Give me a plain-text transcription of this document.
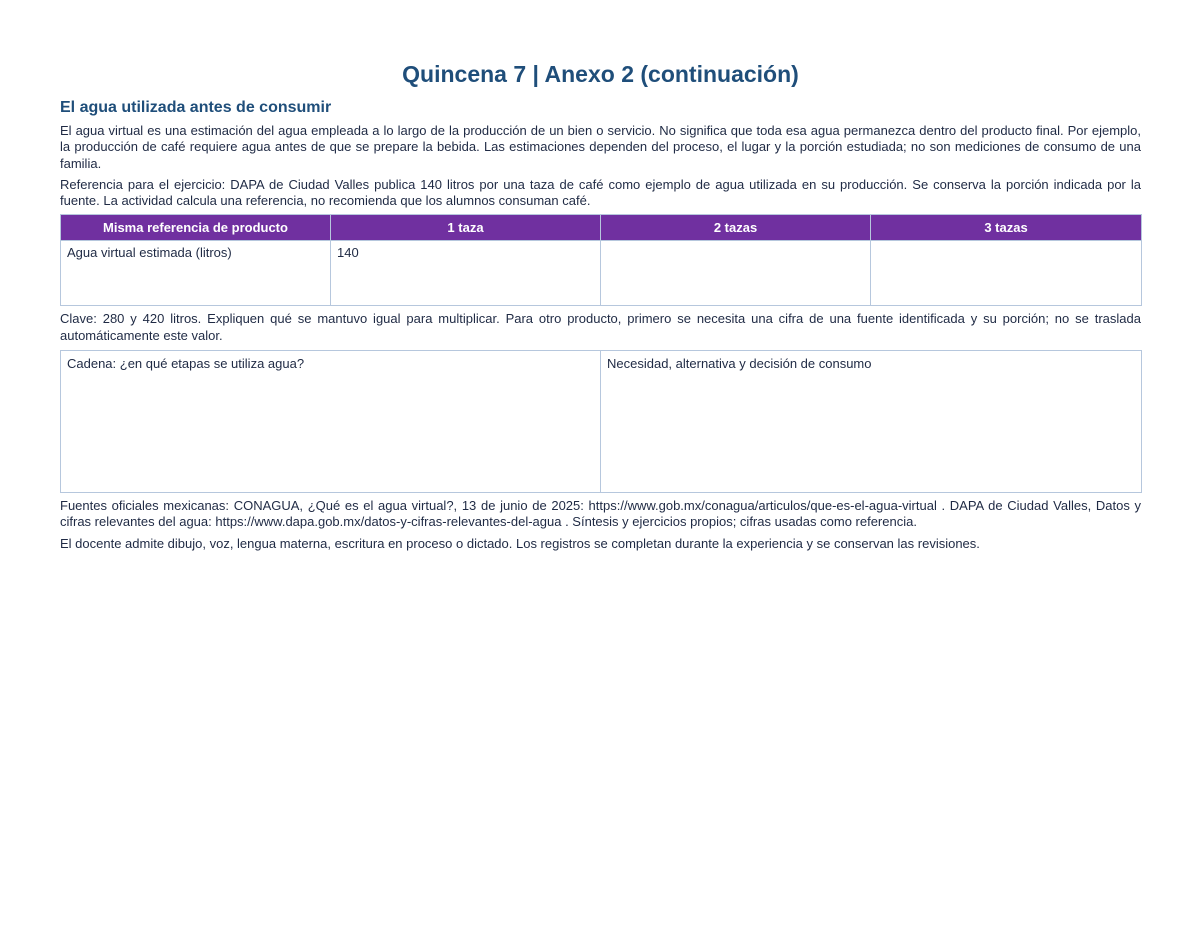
Quincena 7 | Anexo 2 (continuación)
El agua utilizada antes de consumir

El agua virtual es una estimación del agua empleada a lo largo de la producción de un bien o servicio. No significa que toda esa agua permanezca dentro del producto final. Por ejemplo, la producción de café requiere agua antes de que se prepare la bebida. Las estimaciones dependen del proceso, el lugar y la porción estudiada; no son mediciones de consumo de una familia.

Referencia para el ejercicio: DAPA de Ciudad Valles publica 140 litros por una taza de café como ejemplo de agua utilizada en su producción. Se conserva la porción indicada por la fuente. La actividad calcula una referencia, no recomienda que los alumnos consuman café.

Misma referencia de producto	1 taza	2 tazas	3 tazas
Agua virtual estimada (litros)	140		

Clave: 280 y 420 litros. Expliquen qué se mantuvo igual para multiplicar. Para otro producto, primero se necesita una cifra de una fuente identificada y su porción; no se traslada automáticamente este valor.

Cadena: ¿en qué etapas se utiliza agua?	Necesidad, alternativa y decisión de consumo

Fuentes oficiales mexicanas: CONAGUA, ¿Qué es el agua virtual?, 13 de junio de 2025: https://www.gob.mx/conagua/articulos/que-es-el-agua-virtual . DAPA de Ciudad Valles, Datos y cifras relevantes del agua: https://www.dapa.gob.mx/datos-y-cifras-relevantes-del-agua . Síntesis y ejercicios propios; cifras usadas como referencia.

El docente admite dibujo, voz, lengua materna, escritura en proceso o dictado. Los registros se completan durante la experiencia y se conservan las revisiones.
